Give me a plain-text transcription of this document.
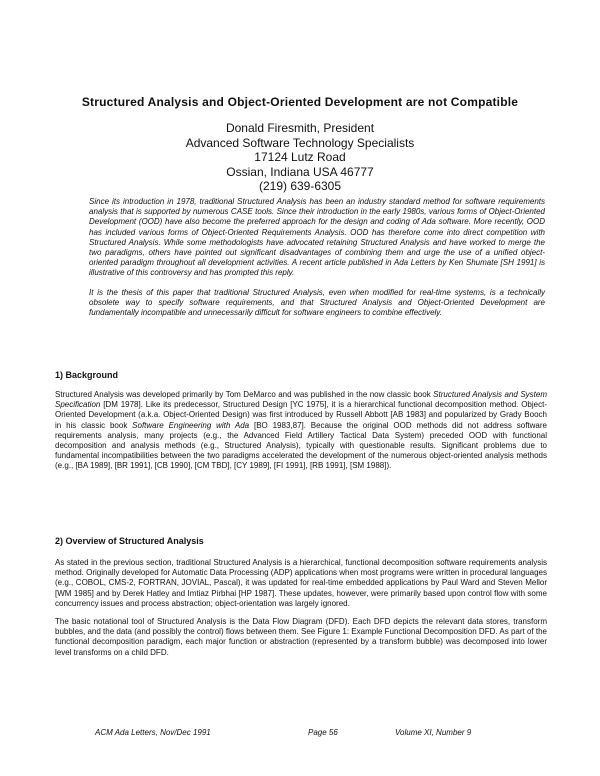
Structured Analysis and Object-Oriented Development are not Compatible
Donald Firesmith, President
Advanced Software Technology Specialists
17124 Lutz Road
Ossian, Indiana USA 46777
(219) 639-6305

Since its introduction in 1978, traditional Structured Analysis has been an industry standard method for software requirements analysis that is supported by numerous CASE tools. Since their introduction in the early 1980s, various forms of Object-Oriented Development (OOD) have also become the preferred approach for the design and coding of Ada software. More recently, OOD has included various forms of Object-Oriented Requirements Analysis. OOD has therefore come into direct competition with Structured Analysis. While some methodologists have advocated retaining Structured Analysis and have worked to merge the two paradigms, others have pointed out significant disadvantages of combining them and urge the use of a unified object-oriented paradigm throughout all development activities. A recent article published in Ada Letters by Ken Shumate [SH 1991] is illustrative of this controversy and has prompted this reply.

It is the thesis of this paper that traditional Structured Analysis, even when modified for real-time systems, is a technically obsolete way to specify software requirements, and that Structured Analysis and Object-Oriented Development are fundamentally incompatible and unnecessarily difficult for software engineers to combine effectively.

1) Background

Structured Analysis was developed primarily by Tom DeMarco and was published in the now classic book Structured Analysis and System Specification [DM 1978]. Like its predecessor, Structured Design [YC 1975], it is a hierarchical functional decomposition method. Object-Oriented Development (a.k.a. Object-Oriented Design) was first introduced by Russell Abbott [AB 1983] and popularized by Grady Booch in his classic book Software Engineering with Ada [BO 1983,87]. Because the original OOD methods did not address software requirements analysis, many projects (e.g., the Advanced Field Artillery Tactical Data System) preceded OOD with functional decomposition and analysis methods (e.g., Structured Analysis), typically with questionable results. Significant problems due to fundamental incompatibilities between the two paradigms accelerated the development of the numerous object-oriented analysis methods (e.g., [BA 1989], [BR 1991], [CB 1990], [CM TBD], [CY 1989], [FI 1991], [RB 1991], [SM 1988]).

2) Overview of Structured Analysis

As stated in the previous section, traditional Structured Analysis is a hierarchical, functional decomposition software requirements analysis method. Originally developed for Automatic Data Processing (ADP) applications when most programs were written in procedural languages (e.g., COBOL, CMS-2, FORTRAN, JOVIAL, Pascal), it was updated for real-time embedded applications by Paul Ward and Steven Mellor [WM 1985] and by Derek Hatley and Imtiaz Pirbhai [HP 1987]. These updates, however, were primarily based upon control flow with some concurrency issues and process abstraction; object-orientation was largely ignored.

The basic notational tool of Structured Analysis is the Data Flow Diagram (DFD). Each DFD depicts the relevant data stores, transform bubbles, and the data (and possibly the control) flows between them. See Figure 1: Example Functional Decomposition DFD. As part of the functional decomposition paradigm, each major function or abstraction (represented by a transform bubble) was decomposed into lower level transforms on a child DFD.

ACM Ada Letters, Nov/Dec 1991	Page 56	Volume XI, Number 9
